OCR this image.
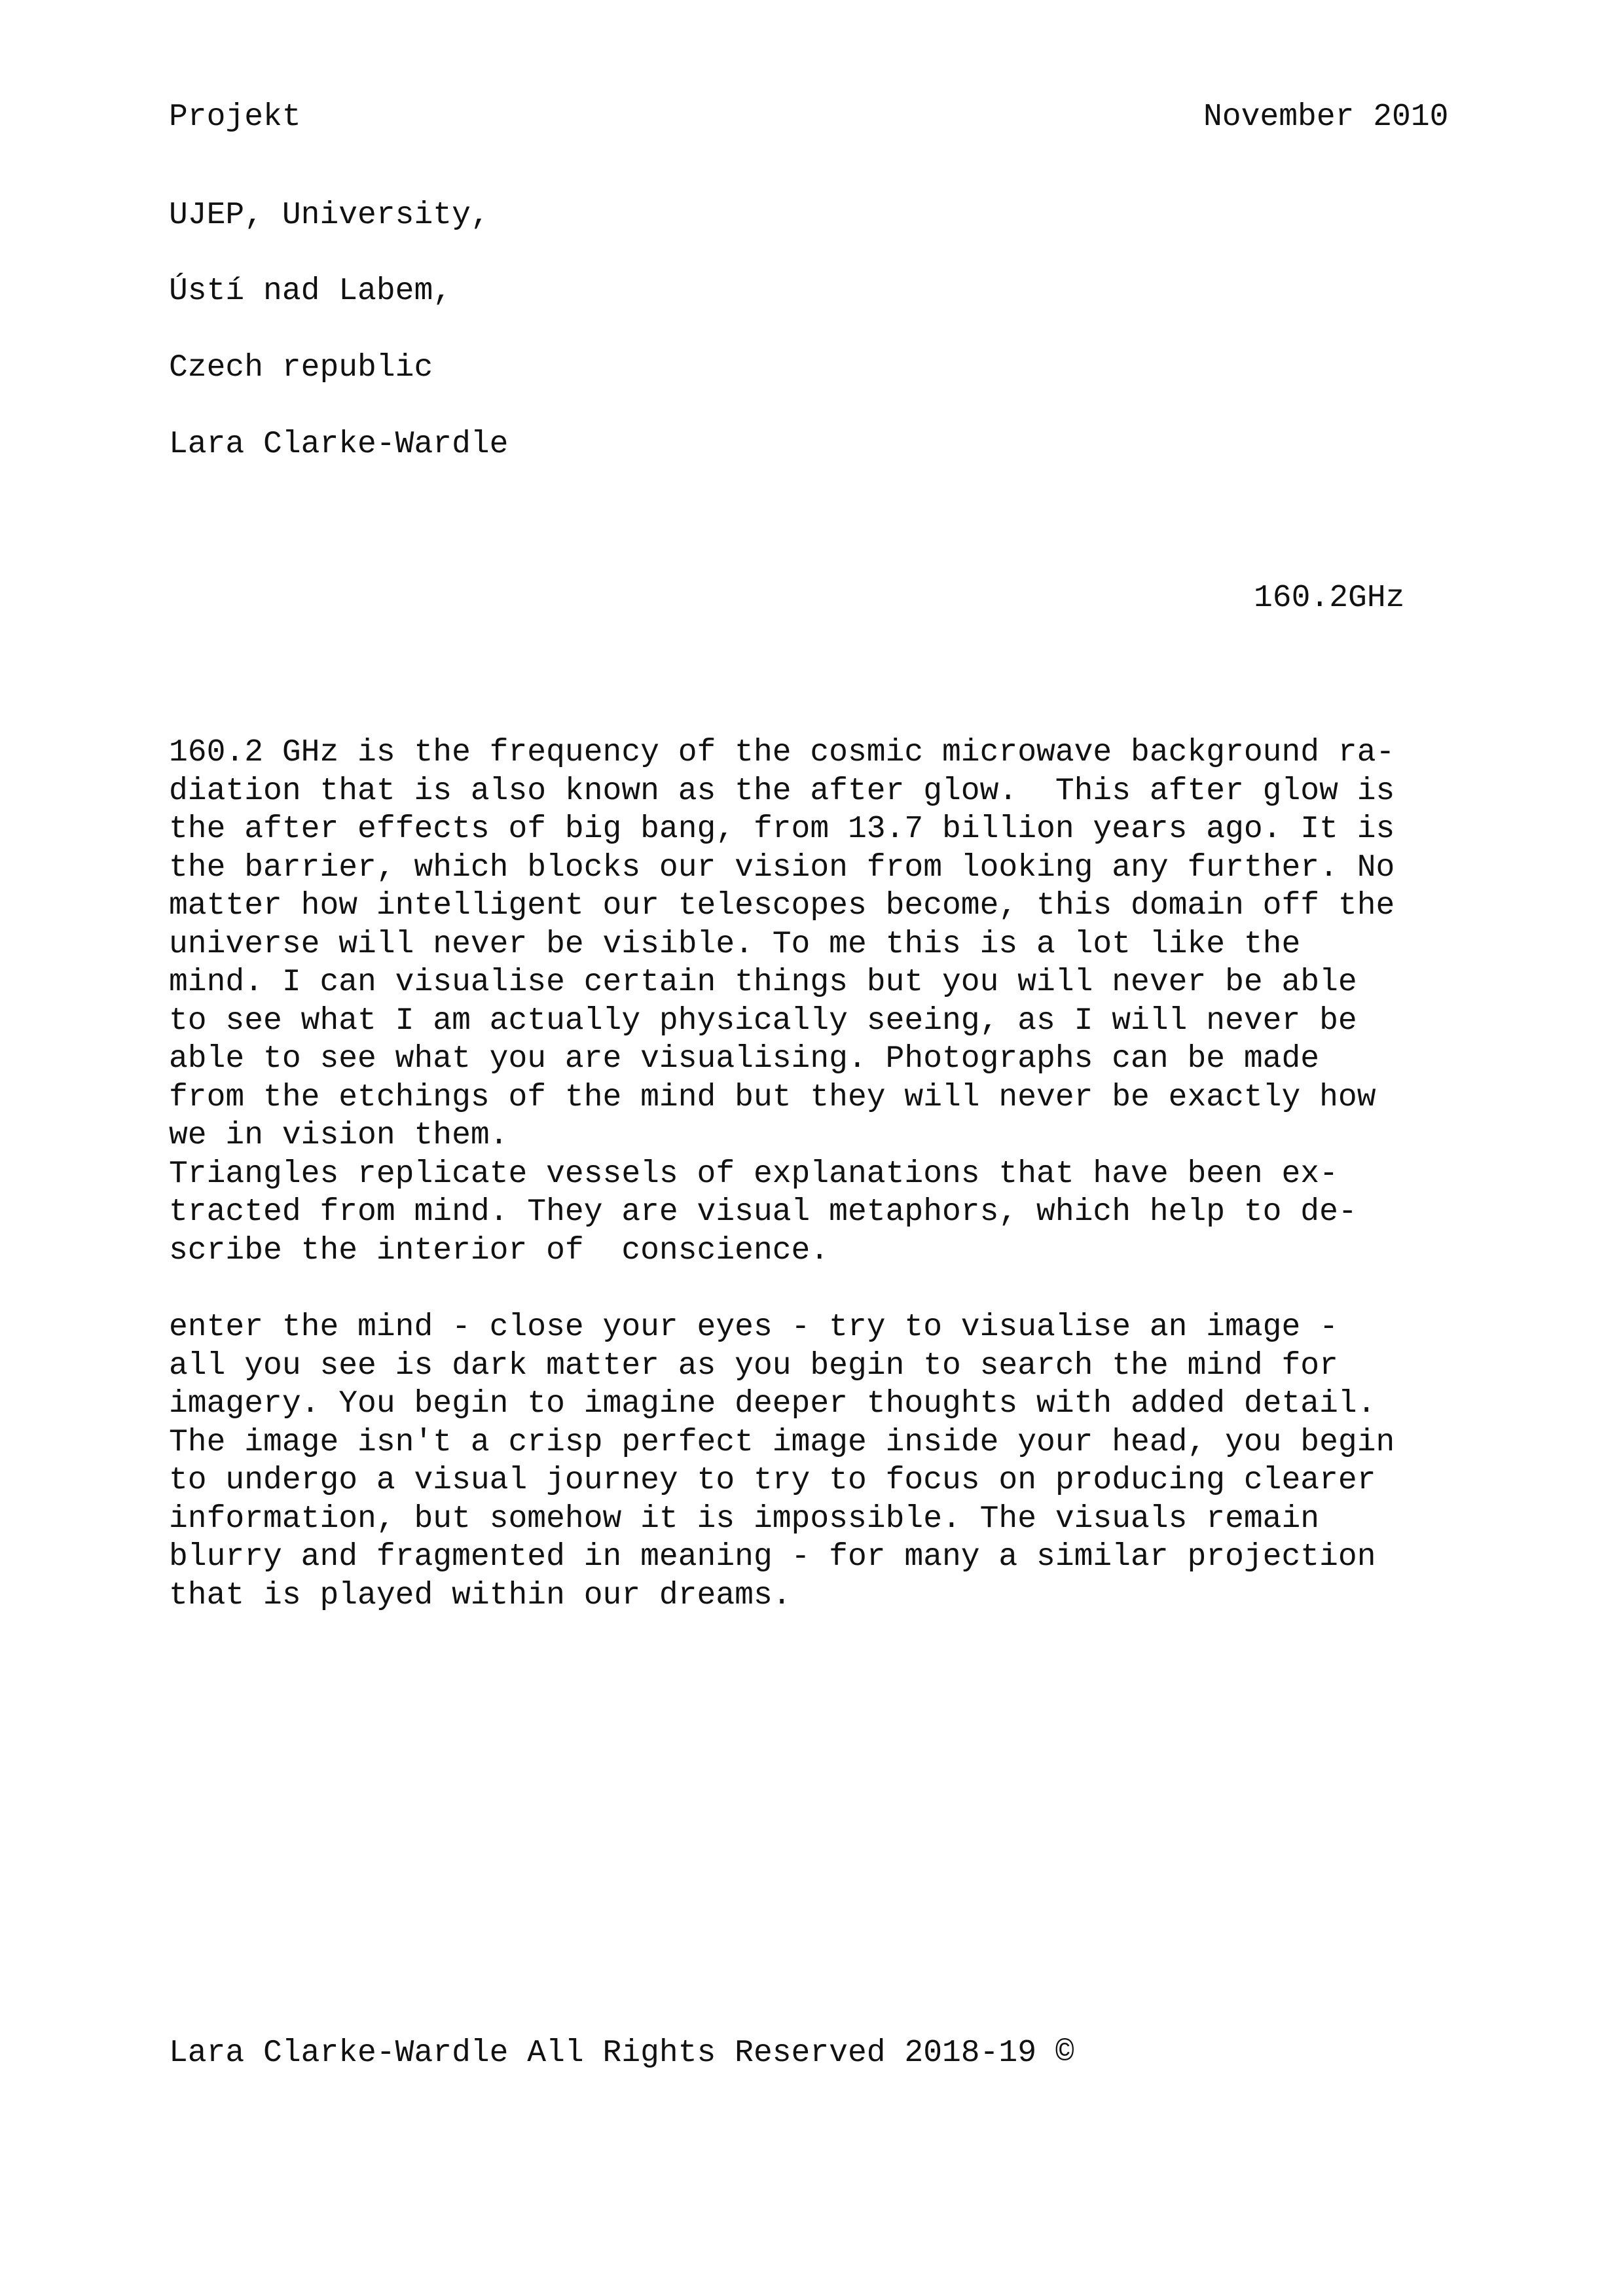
Projekt	November 2010
UJEP, University,
Ústí nad Labem,
Czech republic
Lara Clarke-Wardle
160.2GHz
160.2 GHz is the frequency of the cosmic microwave background ra-
diation that is also known as the after glow.  This after glow is
the after effects of big bang, from 13.7 billion years ago. It is
the barrier, which blocks our vision from looking any further. No
matter how intelligent our telescopes become, this domain off the
universe will never be visible. To me this is a lot like the
mind. I can visualise certain things but you will never be able
to see what I am actually physically seeing, as I will never be
able to see what you are visualising. Photographs can be made
from the etchings of the mind but they will never be exactly how
we in vision them.
Triangles replicate vessels of explanations that have been ex-
tracted from mind. They are visual metaphors, which help to de-
scribe the interior of  conscience.
enter the mind - close your eyes - try to visualise an image -
all you see is dark matter as you begin to search the mind for
imagery. You begin to imagine deeper thoughts with added detail.
The image isn't a crisp perfect image inside your head, you begin
to undergo a visual journey to try to focus on producing clearer
information, but somehow it is impossible. The visuals remain
blurry and fragmented in meaning - for many a similar projection
that is played within our dreams.
Lara Clarke-Wardle All Rights Reserved 2018-19 ©
